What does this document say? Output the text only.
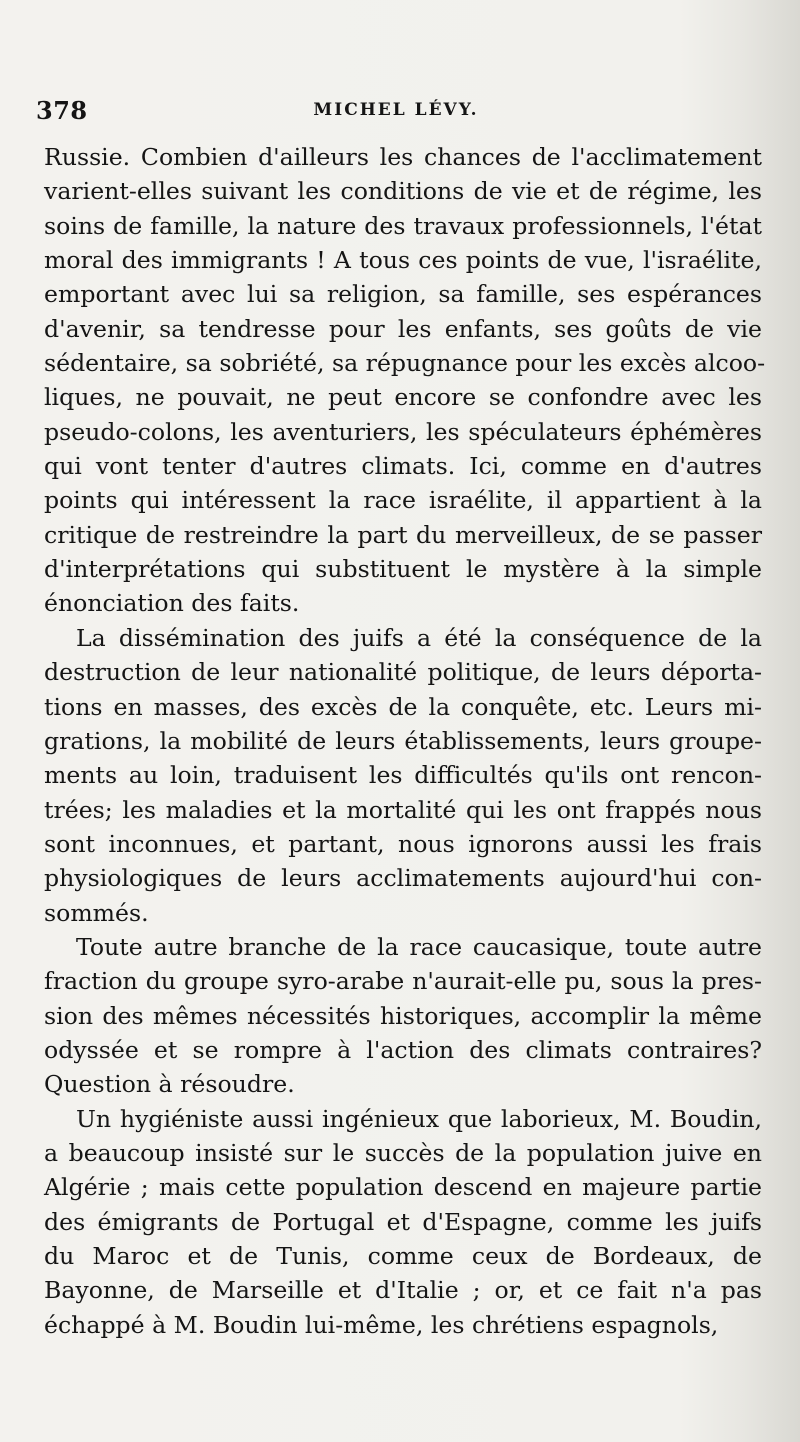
378	MICHEL LÉVY.
Russie. Combien d'ailleurs les chances de l'acclimatement
varient-elles suivant les conditions de vie et de régime, les
soins de famille, la nature des travaux professionnels, l'état
moral des immigrants ! A tous ces points de vue, l'israélite,
emportant avec lui sa religion, sa famille, ses espérances
d'avenir, sa tendresse pour les enfants, ses goûts de vie
sédentaire, sa sobriété, sa répugnance pour les excès alcoo-
liques, ne pouvait, ne peut encore se confondre avec les
pseudo-colons, les aventuriers, les spéculateurs éphémères
qui vont tenter d'autres climats. Ici, comme en d'autres
points qui intéressent la race israélite, il appartient à la
critique de restreindre la part du merveilleux, de se passer
d'interprétations qui substituent le mystère à la simple
énonciation des faits.
La dissémination des juifs a été la conséquence de la
destruction de leur nationalité politique, de leurs déporta-
tions en masses, des excès de la conquête, etc. Leurs mi-
grations, la mobilité de leurs établissements, leurs groupe-
ments au loin, traduisent les difficultés qu'ils ont rencon-
trées; les maladies et la mortalité qui les ont frappés nous
sont inconnues, et partant, nous ignorons aussi les frais
physiologiques de leurs acclimatements aujourd'hui con-
sommés.
Toute autre branche de la race caucasique, toute autre
fraction du groupe syro-arabe n'aurait-elle pu, sous la pres-
sion des mêmes nécessités historiques, accomplir la même
odyssée et se rompre à l'action des climats contraires?
Question à résoudre.
Un hygiéniste aussi ingénieux que laborieux, M. Boudin,
a beaucoup insisté sur le succès de la population juive en
Algérie ; mais cette population descend en majeure partie
des émigrants de Portugal et d'Espagne, comme les juifs
du Maroc et de Tunis, comme ceux de Bordeaux, de
Bayonne, de Marseille et d'Italie ; or, et ce fait n'a pas
échappé à M. Boudin lui-même, les chrétiens espagnols,
